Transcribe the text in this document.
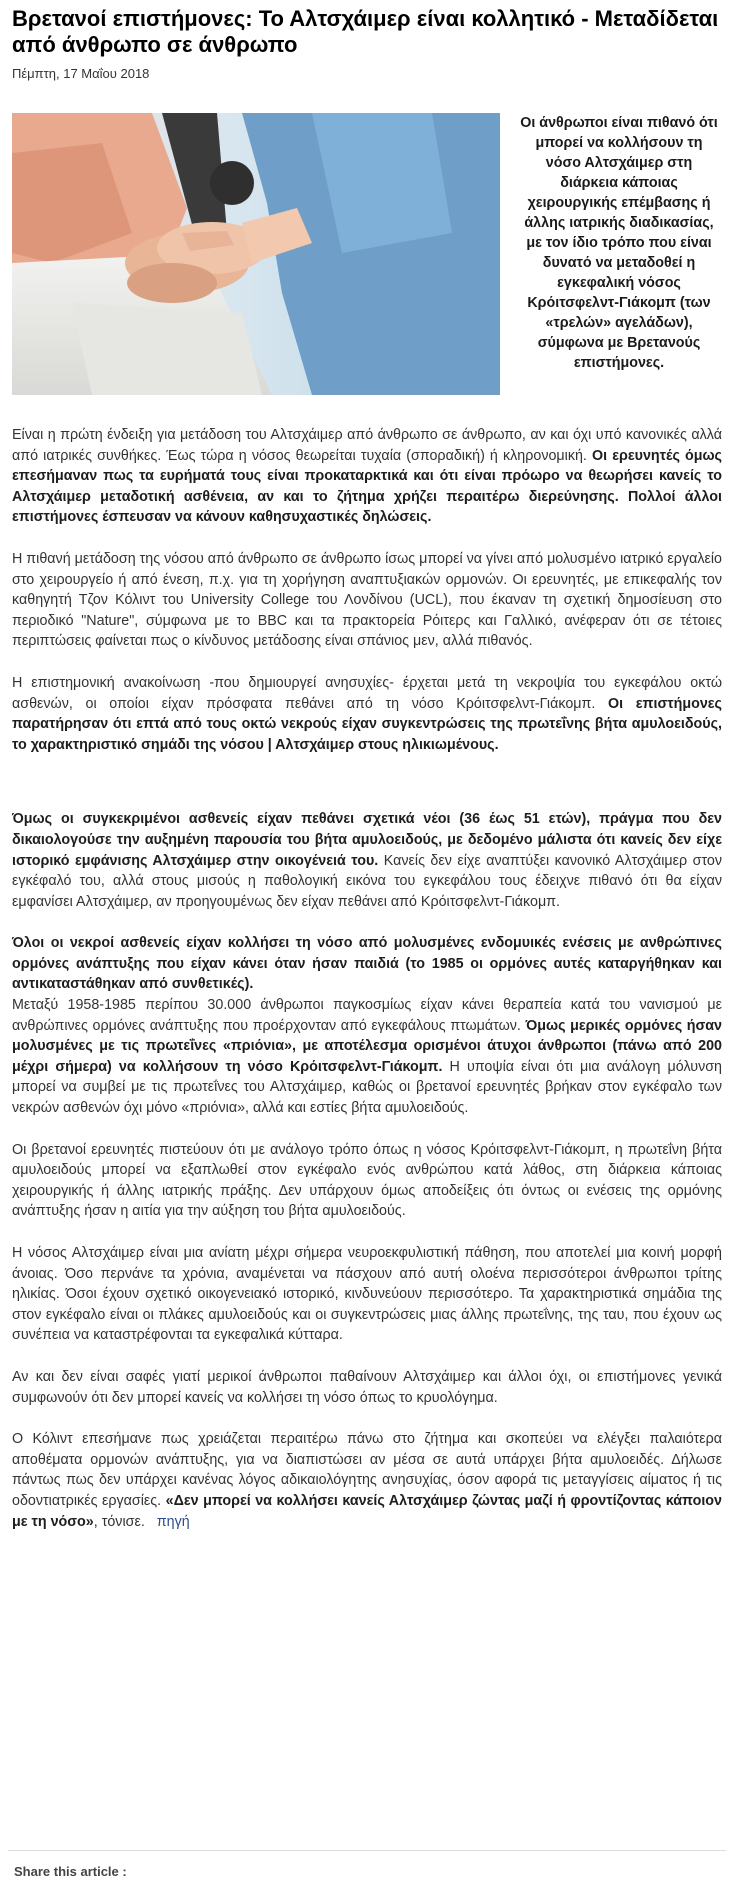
Βρετανοί επιστήμονες: Το Αλτσχάιμερ είναι κολλητικό - Μεταδίδεται από άνθρωπο σε άνθρωπο
Πέμπτη, 17 Μαΐου 2018
Οι άνθρωποι είναι πιθανό ότι μπορεί να κολλήσουν τη νόσο Αλτσχάιμερ στη διάρκεια κάποιας χειρουργικής επέμβασης ή άλλης ιατρικής διαδικασίας, με τον ίδιο τρόπο που είναι δυνατό να μεταδοθεί η εγκεφαλική νόσος Κρόιτσφελντ-Γιάκομπ (των «τρελών» αγελάδων), σύμφωνα με Βρετανούς επιστήμονες.

Είναι η πρώτη ένδειξη για μετάδοση του Αλτσχάιμερ από άνθρωπο σε άνθρωπο, αν και όχι υπό κανονικές αλλά από ιατρικές συνθήκες. Έως τώρα η νόσος θεωρείται τυχαία (σποραδική) ή κληρονομική. Οι ερευνητές όμως επεσήμαναν πως τα ευρήματά τους είναι προκαταρκτικά και ότι είναι πρόωρο να θεωρήσει κανείς το Αλτσχάιμερ μεταδοτική ασθένεια, αν και το ζήτημα χρήζει περαιτέρω διερεύνησης. Πολλοί άλλοι επιστήμονες έσπευσαν να κάνουν καθησυχαστικές δηλώσεις.

Η πιθανή μετάδοση της νόσου από άνθρωπο σε άνθρωπο ίσως μπορεί να γίνει από μολυσμένο ιατρικό εργαλείο στο χειρουργείο ή από ένεση, π.χ. για τη χορήγηση αναπτυξιακών ορμονών. Οι ερευνητές, με επικεφαλής τον καθηγητή Τζον Κόλιντ του University College του Λονδίνου (UCL), που έκαναν τη σχετική δημοσίευση στο περιοδικό "Nature", σύμφωνα με το BBC και τα πρακτορεία Ρόιτερς και Γαλλικό, ανέφεραν ότι σε τέτοιες περιπτώσεις φαίνεται πως ο κίνδυνος μετάδοσης είναι σπάνιος μεν, αλλά πιθανός.

Η επιστημονική ανακοίνωση -που δημιουργεί ανησυχίες- έρχεται μετά τη νεκροψία του εγκεφάλου οκτώ ασθενών, οι οποίοι είχαν πρόσφατα πεθάνει από τη νόσο Κρόιτσφελντ-Γιάκομπ. Οι επιστήμονες παρατήρησαν ότι επτά από τους οκτώ νεκρούς είχαν συγκεντρώσεις της πρωτεΐνης βήτα αμυλοειδούς, το χαρακτηριστικό σημάδι της νόσου | Αλτσχάιμερ στους ηλικιωμένους.

Όμως οι συγκεκριμένοι ασθενείς είχαν πεθάνει σχετικά νέοι (36 έως 51 ετών), πράγμα που δεν δικαιολογούσε την αυξημένη παρουσία του βήτα αμυλοειδούς, με δεδομένο μάλιστα ότι κανείς δεν είχε ιστορικό εμφάνισης Αλτσχάιμερ στην οικογένειά του. Κανείς δεν είχε αναπτύξει κανονικό Αλτσχάιμερ στον εγκέφαλό του, αλλά στους μισούς η παθολογική εικόνα του εγκεφάλου τους έδειχνε πιθανό ότι θα είχαν εμφανίσει Αλτσχάιμερ, αν προηγουμένως δεν είχαν πεθάνει από Κρόιτσφελντ-Γιάκομπ.

Όλοι οι νεκροί ασθενείς είχαν κολλήσει τη νόσο από μολυσμένες ενδομυικές ενέσεις με ανθρώπινες ορμόνες ανάπτυξης που είχαν κάνει όταν ήσαν παιδιά (το 1985 οι ορμόνες αυτές καταργήθηκαν και αντικαταστάθηκαν από συνθετικές).
Μεταξύ 1958-1985 περίπου 30.000 άνθρωποι παγκοσμίως είχαν κάνει θεραπεία κατά του νανισμού με ανθρώπινες ορμόνες ανάπτυξης που προέρχονταν από εγκεφάλους πτωμάτων. Όμως μερικές ορμόνες ήσαν μολυσμένες με τις πρωτεΐνες «πριόνια», με αποτέλεσμα ορισμένοι άτυχοι άνθρωποι (πάνω από 200 μέχρι σήμερα) να κολλήσουν τη νόσο Κρόιτσφελντ-Γιάκομπ. Η υποψία είναι ότι μια ανάλογη μόλυνση μπορεί να συμβεί με τις πρωτεΐνες του Αλτσχάιμερ, καθώς οι βρετανοί ερευνητές βρήκαν στον εγκέφαλο των νεκρών ασθενών όχι μόνο «πριόνια», αλλά και εστίες βήτα αμυλοειδούς.

Οι βρετανοί ερευνητές πιστεύουν ότι με ανάλογο τρόπο όπως η νόσος Κρόιτσφελντ-Γιάκομπ, η πρωτεΐνη βήτα αμυλοειδούς μπορεί να εξαπλωθεί στον εγκέφαλο ενός ανθρώπου κατά λάθος, στη διάρκεια κάποιας χειρουργικής ή άλλης ιατρικής πράξης. Δεν υπάρχουν όμως αποδείξεις ότι όντως οι ενέσεις της ορμόνης ανάπτυξης ήσαν η αιτία για την αύξηση του βήτα αμυλοειδούς.

Η νόσος Αλτσχάιμερ είναι μια ανίατη μέχρι σήμερα νευροεκφυλιστική πάθηση, που αποτελεί μια κοινή μορφή άνοιας. Όσο περνάνε τα χρόνια, αναμένεται να πάσχουν από αυτή ολοένα περισσότεροι άνθρωποι τρίτης ηλικίας. Όσοι έχουν σχετικό οικογενειακό ιστορικό, κινδυνεύουν περισσότερο. Τα χαρακτηριστικά σημάδια της στον εγκέφαλο είναι οι πλάκες αμυλοειδούς και οι συγκεντρώσεις μιας άλλης πρωτεΐνης, της ταυ, που έχουν ως συνέπεια να καταστρέφονται τα εγκεφαλικά κύτταρα.

Αν και δεν είναι σαφές γιατί μερικοί άνθρωποι παθαίνουν Αλτσχάιμερ και άλλοι όχι, οι επιστήμονες γενικά συμφωνούν ότι δεν μπορεί κανείς να κολλήσει τη νόσο όπως το κρυολόγημα.

Ο Κόλιντ επεσήμανε πως χρειάζεται περαιτέρω πάνω στο ζήτημα και σκοπεύει να ελέγξει παλαιότερα αποθέματα ορμονών ανάπτυξης, για να διαπιστώσει αν μέσα σε αυτά υπάρχει βήτα αμυλοειδές. Δήλωσε πάντως πως δεν υπάρχει κανένας λόγος αδικαιολόγητης ανησυχίας, όσον αφορά τις μεταγγίσεις αίματος ή τις οδοντιατρικές εργασίες. «Δεν μπορεί να κολλήσει κανείς Αλτσχάιμερ ζώντας μαζί ή φροντίζοντας κάποιον με τη νόσο», τόνισε. πηγή

Share this article :
